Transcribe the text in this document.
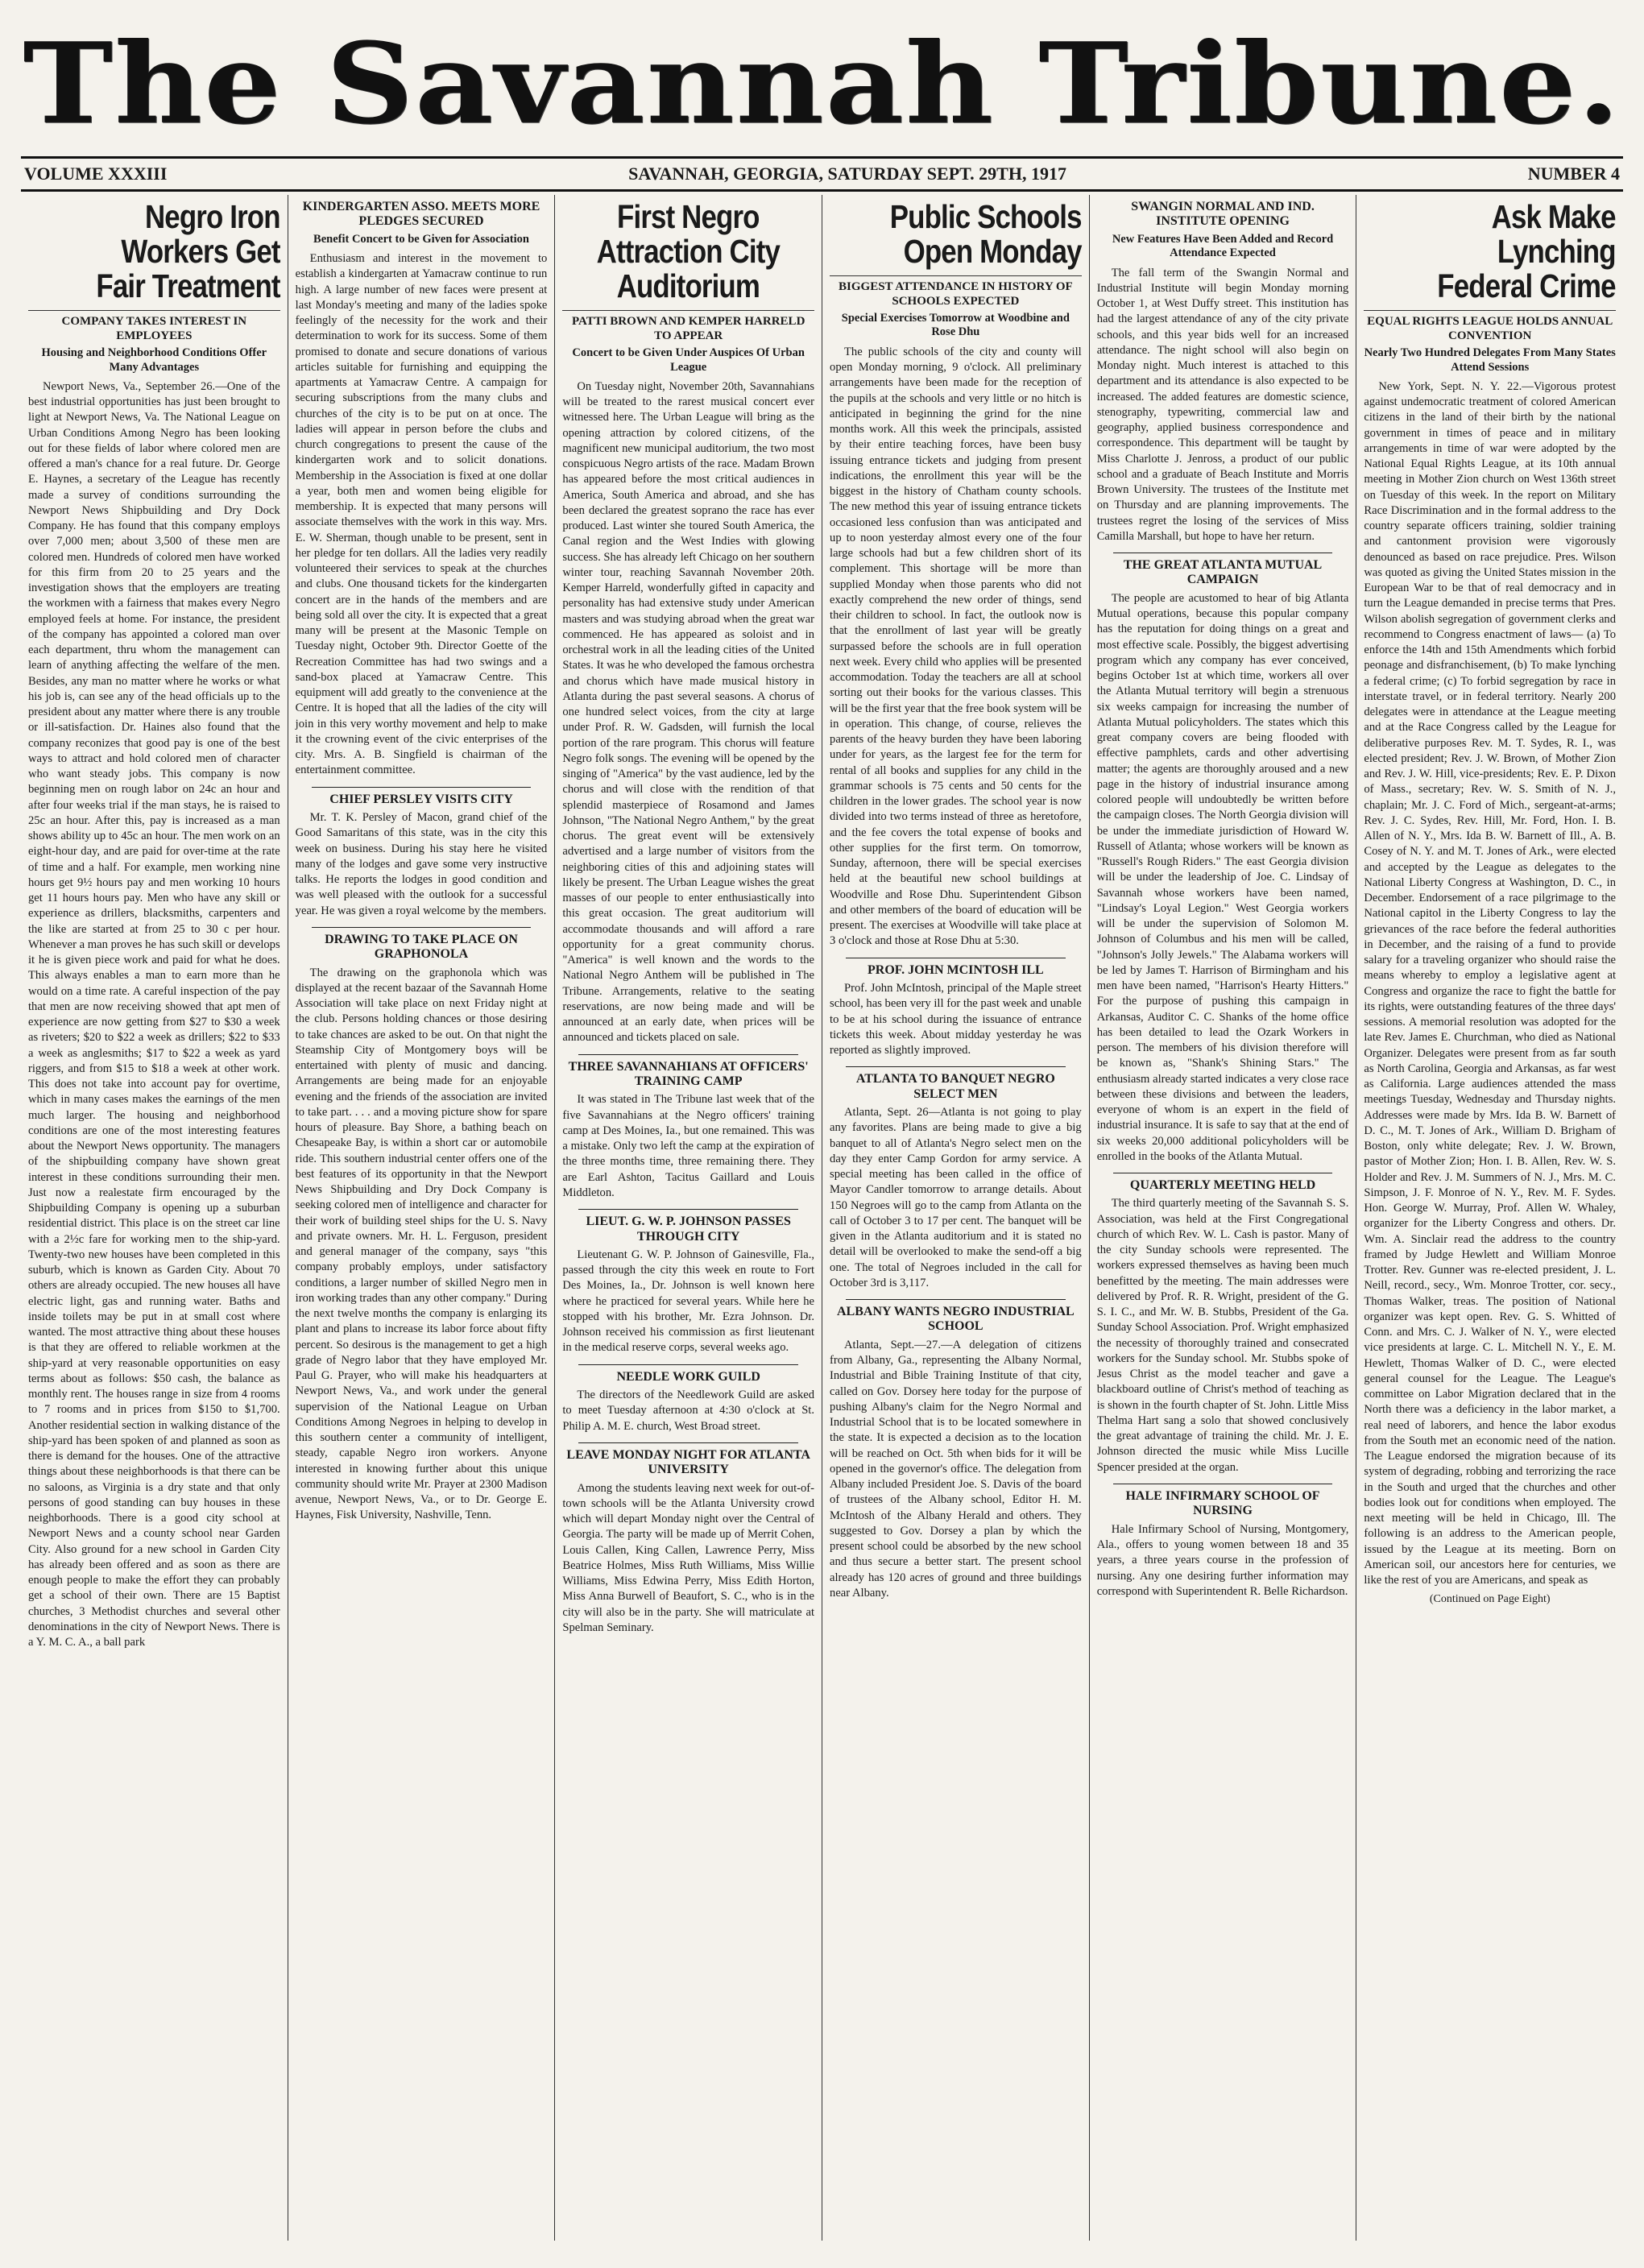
The Savannah Tribune.
VOLUME XXXIII	SAVANNAH, GEORGIA, SATURDAY SEPT. 29TH, 1917	NUMBER 4
Negro Iron Workers Get Fair Treatment
COMPANY TAKES INTEREST IN EMPLOYEES
Housing and Neighborhood Conditions Offer Many Advantages

Newport News, Va., September 26.—One of the best industrial opportunities has just been brought to light at Newport News, Va. The National League on Urban Conditions Among Negro has been looking out for these fields of labor where colored men are offered a man's chance for a real future. Dr. George E. Haynes, a secretary of the League has recently made a survey of conditions surrounding the Newport News Shipbuilding and Dry Dock Company. He has found that this company employs over 7,000 men; about 3,500 of these men are colored men. Hundreds of colored men have worked for this firm from 20 to 25 years and the investigation shows that the employers are treating the workmen with a fairness that makes every Negro employed feels at home. For instance, the president of the company has appointed a colored man over each department, thru whom the management can learn of anything affecting the welfare of the men. Besides, any man no matter where he works or what his job is, can see any of the head officials up to the president about any matter where there is any trouble or ill-satisfaction. Dr. Haines also found that the company reconizes that good pay is one of the best ways to attract and hold colored men of character who want steady jobs. This company is now beginning men on rough labor on 24c an hour and after four weeks trial if the man stays, he is raised to 25c an hour. After this, pay is increased as a man shows ability up to 45c an hour. The men work on an eight-hour day, and are paid for over-time at the rate of time and a half. For example, men working nine hours get 9½ hours pay and men working 10 hours get 11 hours hours pay. Men who have any skill or experience as drillers, blacksmiths, carpenters and the like are started at from 25 to 30 c per hour. Whenever a man proves he has such skill or develops it he is given piece work and paid for what he does. This always enables a man to earn more than he would on a time rate. A careful inspection of the pay that men are now receiving showed that apt men of experience are now getting from $27 to $30 a week as riveters; $20 to $22 a week as drillers; $22 to $33 a week as anglesmiths; $17 to $22 a week as yard riggers, and from $15 to $18 a week at other work. This does not take into account pay for overtime, which in many cases makes the earnings of the men much larger. The housing and neighborhood conditions are one of the most interesting features about the Newport News opportunity. The managers of the shipbuilding company have shown great interest in these conditions surrounding their men. Just now a realestate firm encouraged by the Shipbuilding Company is opening up a suburban residential district. This place is on the street car line with a 2½c fare for working men to the ship-yard. Twenty-two new houses have been completed in this suburb, which is known as Garden City. About 70 others are already occupied. The new houses all have electric light, gas and running water. Baths and inside toilets may be put in at small cost where wanted. The most attractive thing about these houses is that they are offered to reliable workmen at the ship-yard at very reasonable opportunities on easy terms about as follows: $50 cash, the balance as monthly rent. The houses range in size from 4 rooms to 7 rooms and in prices from $150 to $1,700. Another residential section in walking distance of the ship-yard has been spoken of and planned as soon as there is demand for the houses. One of the attractive things about these neighborhoods is that there can be no saloons, as Virginia is a dry state and that only persons of good standing can buy houses in these neighborhoods. There is a good city school at Newport News and a county school near Garden City. Also ground for a new school in Garden City has already been offered and as soon as there are enough people to make the effort they can probably get a school of their own. There are 15 Baptist churches, 3 Methodist churches and several other denominations in the city of Newport News. There is a Y. M. C. A., a ball park

KINDERGARTEN ASSO. MEETS MORE PLEDGES SECURED
Benefit Concert to be Given for Association

Enthusiasm and interest in the movement to establish a kindergarten at Yamacraw continue to run high. A large number of new faces were present at last Monday's meeting and many of the ladies spoke feelingly of the necessity for the work and their determination to work for its success. Some of them promised to donate and secure donations of various articles suitable for furnishing and equipping the apartments at Yamacraw Centre. A campaign for securing subscriptions from the many clubs and churches of the city is to be put on at once. The ladies will appear in person before the clubs and church congregations to present the cause of the kindergarten work and to solicit donations. Membership in the Association is fixed at one dollar a year, both men and women being eligible for membership. It is expected that many persons will associate themselves with the work in this way. Mrs. E. W. Sherman, though unable to be present, sent in her pledge for ten dollars. All the ladies very readily volunteered their services to speak at the churches and clubs. One thousand tickets for the kindergarten concert are in the hands of the members and are being sold all over the city. It is expected that a great many will be present at the Masonic Temple on Tuesday night, October 9th. Director Goette of the Recreation Committee has had two swings and a sand-box placed at Yamacraw Centre. This equipment will add greatly to the convenience at the Centre. It is hoped that all the ladies of the city will join in this very worthy movement and help to make it the crowning event of the civic enterprises of the city. Mrs. A. B. Singfield is chairman of the entertainment committee.

CHIEF PERSLEY VISITS CITY

Mr. T. K. Persley of Macon, grand chief of the Good Samaritans of this state, was in the city this week on business. During his stay here he visited many of the lodges and gave some very instructive talks. He reports the lodges in good condition and was well pleased with the outlook for a successful year. He was given a royal welcome by the members.

DRAWING TO TAKE PLACE ON GRAPHONOLA

The drawing on the graphonola which was displayed at the recent bazaar of the Savannah Home Association will take place on next Friday night at the club. Persons holding chances or those desiring to take chances are asked to be out. On that night the Steamship City of Montgomery boys will be entertained with plenty of music and dancing. Arrangements are being made for an enjoyable evening and the friends of the association are invited to take part. . . . and a moving picture show for spare hours of pleasure. Bay Shore, a bathing beach on Chesapeake Bay, is within a short car or automobile ride. This southern industrial center offers one of the best features of its opportunity in that the Newport News Shipbuilding and Dry Dock Company is seeking colored men of intelligence and character for their work of building steel ships for the U. S. Navy and private owners. Mr. H. L. Ferguson, president and general manager of the company, says "this company probably employs, under satisfactory conditions, a larger number of skilled Negro men in iron working trades than any other company." During the next twelve months the company is enlarging its plant and plans to increase its labor force about fifty percent. So desirous is the management to get a high grade of Negro labor that they have employed Mr. Paul G. Prayer, who will make his headquarters at Newport News, Va., and work under the general supervision of the National League on Urban Conditions Among Negroes in helping to develop in this southern center a community of intelligent, steady, capable Negro iron workers. Anyone interested in knowing further about this unique community should write Mr. Prayer at 2300 Madison avenue, Newport News, Va., or to Dr. George E. Haynes, Fisk University, Nashville, Tenn.

First Negro Attraction City Auditorium
PATTI BROWN AND KEMPER HARRELD TO APPEAR
Concert to be Given Under Auspices Of Urban League

On Tuesday night, November 20th, Savannahians will be treated to the rarest musical concert ever witnessed here. The Urban League will bring as the opening attraction by colored citizens, of the magnificent new municipal auditorium, the two most conspicuous Negro artists of the race. Madam Brown has appeared before the most critical audiences in America, South America and abroad, and she has been declared the greatest soprano the race has ever produced. Last winter she toured South America, the Canal region and the West Indies with glowing success. She has already left Chicago on her southern winter tour, reaching Savannah November 20th. Kemper Harreld, wonderfully gifted in capacity and personality has had extensive study under American masters and was studying abroad when the great war commenced. He has appeared as soloist and in orchestral work in all the leading cities of the United States. It was he who developed the famous orchestra and chorus which have made musical history in Atlanta during the past several seasons. A chorus of one hundred select voices, from the city at large under Prof. R. W. Gadsden, will furnish the local portion of the rare program. This chorus will feature Negro folk songs. The evening will be opened by the singing of "America" by the vast audience, led by the chorus and will close with the rendition of that splendid masterpiece of Rosamond and James Johnson, "The National Negro Anthem," by the great chorus. The great event will be extensively advertised and a large number of visitors from the neighboring cities of this and adjoining states will likely be present. The Urban League wishes the great masses of our people to enter enthusiastically into this great occasion. The great auditorium will accommodate thousands and will afford a rare opportunity for a great community chorus. "America" is well known and the words to the National Negro Anthem will be published in The Tribune. Arrangements, relative to the seating reservations, are now being made and will be announced at an early date, when prices will be announced and tickets placed on sale.

THREE SAVANNAHIANS AT OFFICERS' TRAINING CAMP

It was stated in The Tribune last week that of the five Savannahians at the Negro officers' training camp at Des Moines, Ia., but one remained. This was a mistake. Only two left the camp at the expiration of the three months time, three remaining there. They are Earl Ashton, Tacitus Gaillard and Louis Middleton.

LIEUT. G. W. P. JOHNSON PASSES THROUGH CITY

Lieutenant G. W. P. Johnson of Gainesville, Fla., passed through the city this week en route to Fort Des Moines, Ia., Dr. Johnson is well known here where he practiced for several years. While here he stopped with his brother, Mr. Ezra Johnson. Dr. Johnson received his commission as first lieutenant in the medical reserve corps, several weeks ago.

NEEDLE WORK GUILD

The directors of the Needlework Guild are asked to meet Tuesday afternoon at 4:30 o'clock at St. Philip A. M. E. church, West Broad street.

LEAVE MONDAY NIGHT FOR ATLANTA UNIVERSITY

Among the students leaving next week for out-of-town schools will be the Atlanta University crowd which will depart Monday night over the Central of Georgia. The party will be made up of Merrit Cohen, Louis Callen, King Callen, Lawrence Perry, Miss Beatrice Holmes, Miss Ruth Williams, Miss Willie Williams, Miss Edwina Perry, Miss Edith Horton, Miss Anna Burwell of Beaufort, S. C., who is in the city will also be in the party. She will matriculate at Spelman Seminary.

Public Schools Open Monday
BIGGEST ATTENDANCE IN HISTORY OF SCHOOLS EXPECTED
Special Exercises Tomorrow at Woodbine and Rose Dhu

The public schools of the city and county will open Monday morning, 9 o'clock. All preliminary arrangements have been made for the reception of the pupils at the schools and very little or no hitch is anticipated in beginning the grind for the nine months work. All this week the principals, assisted by their entire teaching forces, have been busy issuing entrance tickets and judging from present indications, the enrollment this year will be the biggest in the history of Chatham county schools. The new method this year of issuing entrance tickets occasioned less confusion than was anticipated and up to noon yesterday almost every one of the four large schools had but a few children short of its complement. This shortage will be more than supplied Monday when those parents who did not exactly comprehend the new order of things, send their children to school. In fact, the outlook now is that the enrollment of last year will be greatly surpassed before the schools are in full operation next week. Every child who applies will be presented accommodation. Today the teachers are all at school sorting out their books for the various classes. This will be the first year that the free book system will be in operation. This change, of course, relieves the parents of the heavy burden they have been laboring under for years, as the largest fee for the term for rental of all books and supplies for any child in the grammar schools is 75 cents and 50 cents for the children in the lower grades. The school year is now divided into two terms instead of three as heretofore, and the fee covers the total expense of books and other supplies for the first term. On tomorrow, Sunday, afternoon, there will be special exercises held at the beautiful new school buildings at Woodville and Rose Dhu. Superintendent Gibson and other members of the board of education will be present. The exercises at Woodville will take place at 3 o'clock and those at Rose Dhu at 5:30.

PROF. JOHN MCINTOSH ILL

Prof. John McIntosh, principal of the Maple street school, has been very ill for the past week and unable to be at his school during the issuance of entrance tickets this week. About midday yesterday he was reported as slightly improved.

ATLANTA TO BANQUET NEGRO SELECT MEN

Atlanta, Sept. 26—Atlanta is not going to play any favorites. Plans are being made to give a big banquet to all of Atlanta's Negro select men on the day they enter Camp Gordon for army service. A special meeting has been called in the office of Mayor Candler tomorrow to arrange details. About 150 Negroes will go to the camp from Atlanta on the call of October 3 to 17 per cent. The banquet will be given in the Atlanta auditorium and it is stated no detail will be overlooked to make the send-off a big one. The total of Negroes included in the call for October 3rd is 3,117.

ALBANY WANTS NEGRO INDUSTRIAL SCHOOL

Atlanta, Sept.—27.—A delegation of citizens from Albany, Ga., representing the Albany Normal, Industrial and Bible Training Institute of that city, called on Gov. Dorsey here today for the purpose of pushing Albany's claim for the Negro Normal and Industrial School that is to be located somewhere in the state. It is expected a decision as to the location will be reached on Oct. 5th when bids for it will be opened in the governor's office. The delegation from Albany included President Joe. S. Davis of the board of trustees of the Albany school, Editor H. M. McIntosh of the Albany Herald and others. They suggested to Gov. Dorsey a plan by which the present school could be absorbed by the new school and thus secure a better start. The present school already has 120 acres of ground and three buildings near Albany.

SWANGIN NORMAL AND IND. INSTITUTE OPENING
New Features Have Been Added and Record Attendance Expected

The fall term of the Swangin Normal and Industrial Institute will begin Monday morning October 1, at West Duffy street. This institution has had the largest attendance of any of the city private schools, and this year bids well for an increased attendance. The night school will also begin on Monday night. Much interest is attached to this department and its attendance is also expected to be increased. The added features are domestic science, stenography, typewriting, commercial law and geography, applied business correspondence and correspondence. This department will be taught by Miss Charlotte J. Jenross, a product of our public school and a graduate of Beach Institute and Morris Brown University. The trustees of the Institute met on Thursday and are planning improvements. The trustees regret the losing of the services of Miss Camilla Marshall, but hope to have her return.

THE GREAT ATLANTA MUTUAL CAMPAIGN

The people are acustomed to hear of big Atlanta Mutual operations, because this popular company has the reputation for doing things on a great and most effective scale. Possibly, the biggest advertising program which any company has ever conceived, begins October 1st at which time, workers all over the Atlanta Mutual territory will begin a strenuous six weeks campaign for increasing the number of Atlanta Mutual policyholders. The states which this great company covers are being flooded with effective pamphlets, cards and other advertising matter; the agents are thoroughly aroused and a new page in the history of industrial insurance among colored people will undoubtedly be written before the campaign closes. The North Georgia division will be under the immediate jurisdiction of Howard W. Russell of Atlanta; whose workers will be known as "Russell's Rough Riders." The east Georgia division will be under the leadership of Joe. C. Lindsay of Savannah whose workers have been named, "Lindsay's Loyal Legion." West Georgia workers will be under the supervision of Solomon M. Johnson of Columbus and his men will be called, "Johnson's Jolly Jewels." The Alabama workers will be led by James T. Harrison of Birmingham and his men have been named, "Harrison's Hearty Hitters." For the purpose of pushing this campaign in Arkansas, Auditor C. C. Shanks of the home office has been detailed to lead the Ozark Workers in person. The members of his division therefore will be known as, "Shank's Shining Stars." The enthusiasm already started indicates a very close race between these divisions and between the leaders, everyone of whom is an expert in the field of industrial insurance. It is safe to say that at the end of six weeks 20,000 additional policyholders will be enrolled in the books of the Atlanta Mutual.

QUARTERLY MEETING HELD

The third quarterly meeting of the Savannah S. S. Association, was held at the First Congregational church of which Rev. W. L. Cash is pastor. Many of the city Sunday schools were represented. The workers expressed themselves as having been much benefitted by the meeting. The main addresses were delivered by Prof. R. R. Wright, president of the G. S. I. C., and Mr. W. B. Stubbs, President of the Ga. Sunday School Association. Prof. Wright emphasized the necessity of thoroughly trained and consecrated workers for the Sunday school. Mr. Stubbs spoke of Jesus Christ as the model teacher and gave a blackboard outline of Christ's method of teaching as is shown in the fourth chapter of St. John. Little Miss Thelma Hart sang a solo that showed conclusively the great advantage of training the child. Mr. J. E. Johnson directed the music while Miss Lucille Spencer presided at the organ.

HALE INFIRMARY SCHOOL OF NURSING

Hale Infirmary School of Nursing, Montgomery, Ala., offers to young women between 18 and 35 years, a three years course in the profession of nursing. Any one desiring further information may correspond with Superintendent R. Belle Richardson.

Ask Make Lynching Federal Crime
EQUAL RIGHTS LEAGUE HOLDS ANNUAL CONVENTION
Nearly Two Hundred Delegates From Many States Attend Sessions

New York, Sept. N. Y. 22.—Vigorous protest against undemocratic treatment of colored American citizens in the land of their birth by the national government in times of peace and in military arrangements in time of war were adopted by the National Equal Rights League, at its 10th annual meeting in Mother Zion church on West 136th street on Tuesday of this week. In the report on Military Race Discrimination and in the formal address to the country separate officers training, soldier training and cantonment provision were vigorously denounced as based on race prejudice. Pres. Wilson was quoted as giving the United States mission in the European War to be that of real democracy and in turn the League demanded in precise terms that Pres. Wilson abolish segregation of government clerks and recommend to Congress enactment of laws— (a) To enforce the 14th and 15th Amendments which forbid peonage and disfranchisement, (b) To make lynching a federal crime; (c) To forbid segregation by race in interstate travel, or in federal territory. Nearly 200 delegates were in attendance at the League meeting and at the Race Congress called by the League for deliberative purposes Rev. M. T. Sydes, R. I., was elected president; Rev. J. W. Brown, of Mother Zion and Rev. J. W. Hill, vice-presidents; Rev. E. P. Dixon of Mass., secretary; Rev. W. S. Smith of N. J., chaplain; Mr. J. C. Ford of Mich., sergeant-at-arms; Rev. J. C. Sydes, Rev. Hill, Mr. Ford, Hon. I. B. Allen of N. Y., Mrs. Ida B. W. Barnett of Ill., A. B. Cosey of N. Y. and M. T. Jones of Ark., were elected and accepted by the League as delegates to the National Liberty Congress at Washington, D. C., in December. Endorsement of a race pilgrimage to the National capitol in the Liberty Congress to lay the grievances of the race before the federal authorities in December, and the raising of a fund to provide salary for a traveling organizer who should raise the means whereby to employ a legislative agent at Congress and organize the race to fight the battle for its rights, were outstanding features of the three days' sessions. A memorial resolution was adopted for the late Rev. James E. Churchman, who died as National Organizer. Delegates were present from as far south as North Carolina, Georgia and Arkansas, as far west as California. Large audiences attended the mass meetings Tuesday, Wednesday and Thursday nights. Addresses were made by Mrs. Ida B. W. Barnett of D. C., M. T. Jones of Ark., William D. Brigham of Boston, only white delegate; Rev. J. W. Brown, pastor of Mother Zion; Hon. I. B. Allen, Rev. W. S. Holder and Rev. J. M. Summers of N. J., Mrs. M. C. Simpson, J. F. Monroe of N. Y., Rev. M. F. Sydes. Hon. George W. Murray, Prof. Allen W. Whaley, organizer for the Liberty Congress and others. Dr. Wm. A. Sinclair read the address to the country framed by Judge Hewlett and William Monroe Trotter. Rev. Gunner was re-elected president, J. L. Neill, record., secy., Wm. Monroe Trotter, cor. secy., Thomas Walker, treas. The position of National organizer was kept open. Rev. G. S. Whitted of Conn. and Mrs. C. J. Walker of N. Y., were elected vice presidents at large. C. L. Mitchell N. Y., E. M. Hewlett, Thomas Walker of D. C., were elected general counsel for the League. The League's committee on Labor Migration declared that in the North there was a deficiency in the labor market, a real need of laborers, and hence the labor exodus from the South met an economic need of the nation. The League endorsed the migration because of its system of degrading, robbing and terrorizing the race in the South and urged that the churches and other bodies look out for conditions when employed. The next meeting will be held in Chicago, Ill. The following is an address to the American people, issued by the League at its meeting. Born on American soil, our ancestors here for centuries, we like the rest of you are Americans, and speak as

(Continued on Page Eight)
